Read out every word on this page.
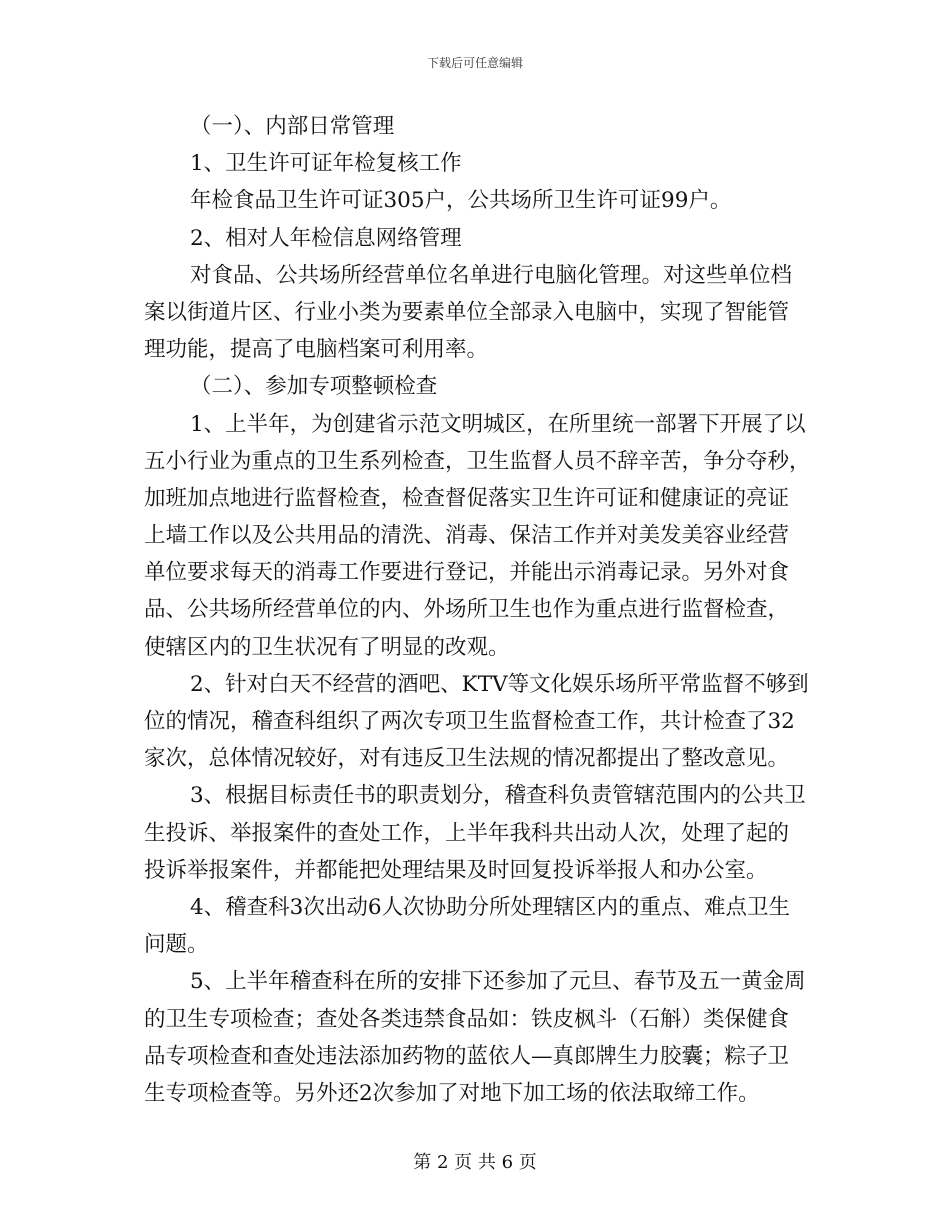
下载后可任意编辑
（一）、内部日常管理
1、卫生许可证年检复核工作
年检食品卫生许可证305户，公共场所卫生许可证99户。
2、相对人年检信息网络管理
对食品、公共场所经营单位名单进行电脑化管理。对这些单位档
案以街道片区、行业小类为要素单位全部录入电脑中，实现了智能管
理功能，提高了电脑档案可利用率。
（二）、参加专项整顿检查
1、上半年，为创建省示范文明城区，在所里统一部署下开展了以
五小行业为重点的卫生系列检查，卫生监督人员不辞辛苦，争分夺秒，
加班加点地进行监督检查，检查督促落实卫生许可证和健康证的亮证
上墙工作以及公共用品的清洗、消毒、保洁工作并对美发美容业经营
单位要求每天的消毒工作要进行登记，并能出示消毒记录。另外对食
品、公共场所经营单位的内、外场所卫生也作为重点进行监督检查，
使辖区内的卫生状况有了明显的改观。
2、针对白天不经营的酒吧、KTV等文化娱乐场所平常监督不够到
位的情况，稽查科组织了两次专项卫生监督检查工作，共计检查了32
家次，总体情况较好，对有违反卫生法规的情况都提出了整改意见。
3、根据目标责任书的职责划分，稽查科负责管辖范围内的公共卫
生投诉、举报案件的查处工作，上半年我科共出动人次，处理了起的
投诉举报案件，并都能把处理结果及时回复投诉举报人和办公室。
4、稽查科3次出动6人次协助分所处理辖区内的重点、难点卫生
问题。
5、上半年稽查科在所的安排下还参加了元旦、春节及五一黄金周
的卫生专项检查；查处各类违禁食品如：铁皮枫斗（石斛）类保健食
品专项检查和查处违法添加药物的蓝依人—真郎牌生力胶囊；粽子卫
生专项检查等。另外还2次参加了对地下加工场的依法取缔工作。
第 2 页 共 6 页
